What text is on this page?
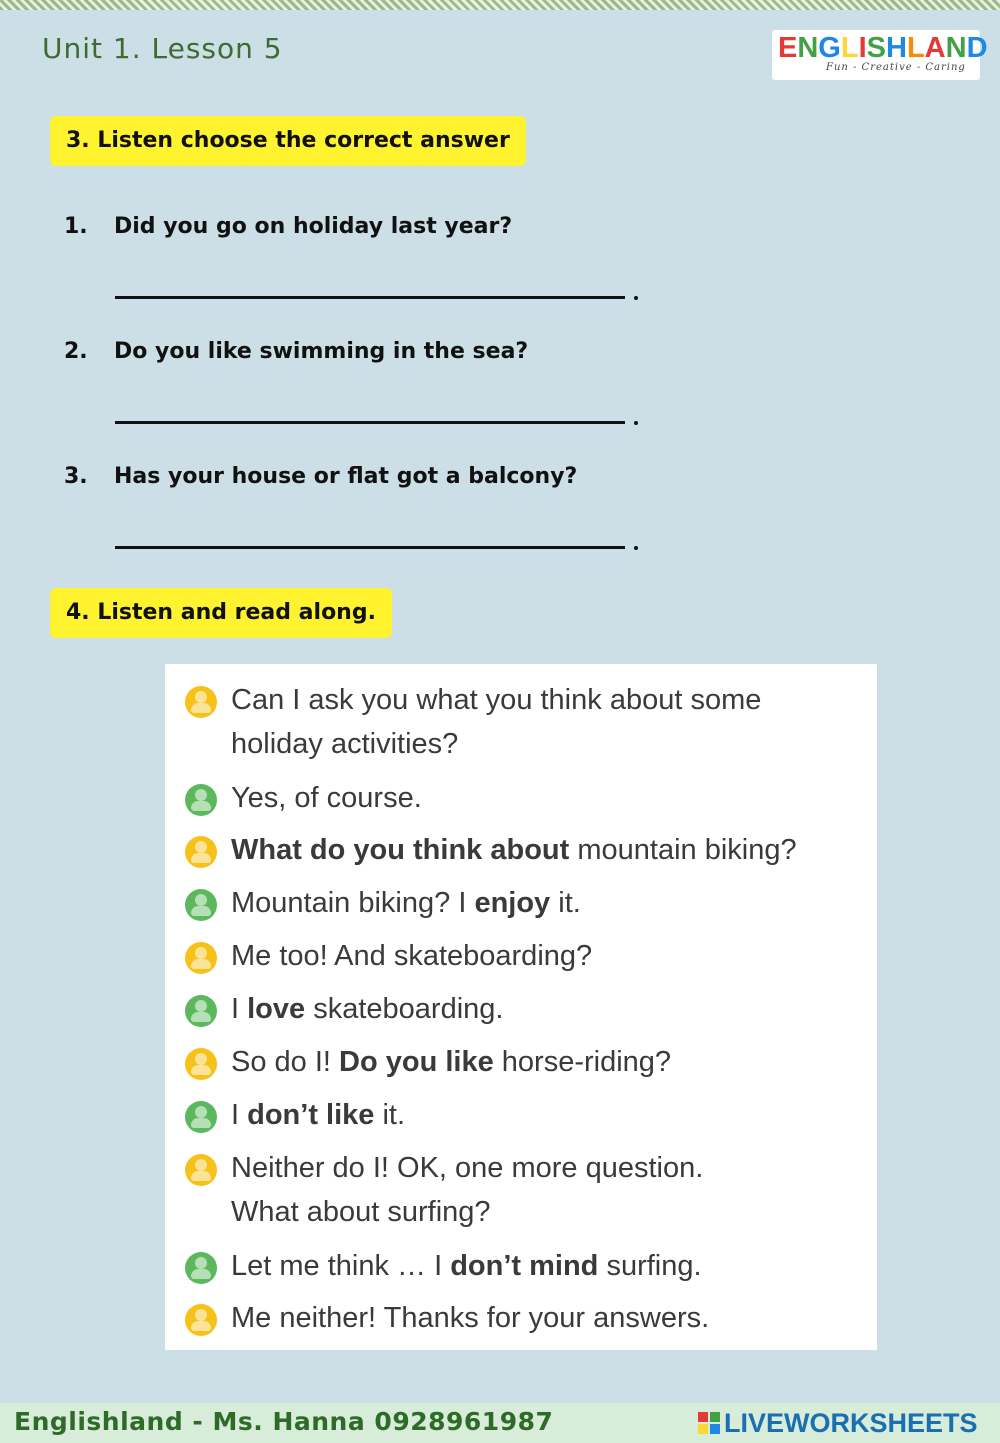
Unit 1. Lesson 5	ENGLISHLAND
Fun - Creative - Caring
3. Listen choose the correct answer
1. Did you go on holiday last year?
2. Do you like swimming in the sea?
3. Has your house or flat got a balcony?
4. Listen and read along.
Can I ask you what you think about some
holiday activities?
Yes, of course.
What do you think about mountain biking?
Mountain biking? I enjoy it.
Me too! And skateboarding?
I love skateboarding.
So do I! Do you like horse-riding?
I don’t like it.
Neither do I! OK, one more question.
What about surfing?
Let me think … I don’t mind surfing.
Me neither! Thanks for your answers.
Englishland - Ms. Hanna 0928961987	LIVEWORKSHEETS
